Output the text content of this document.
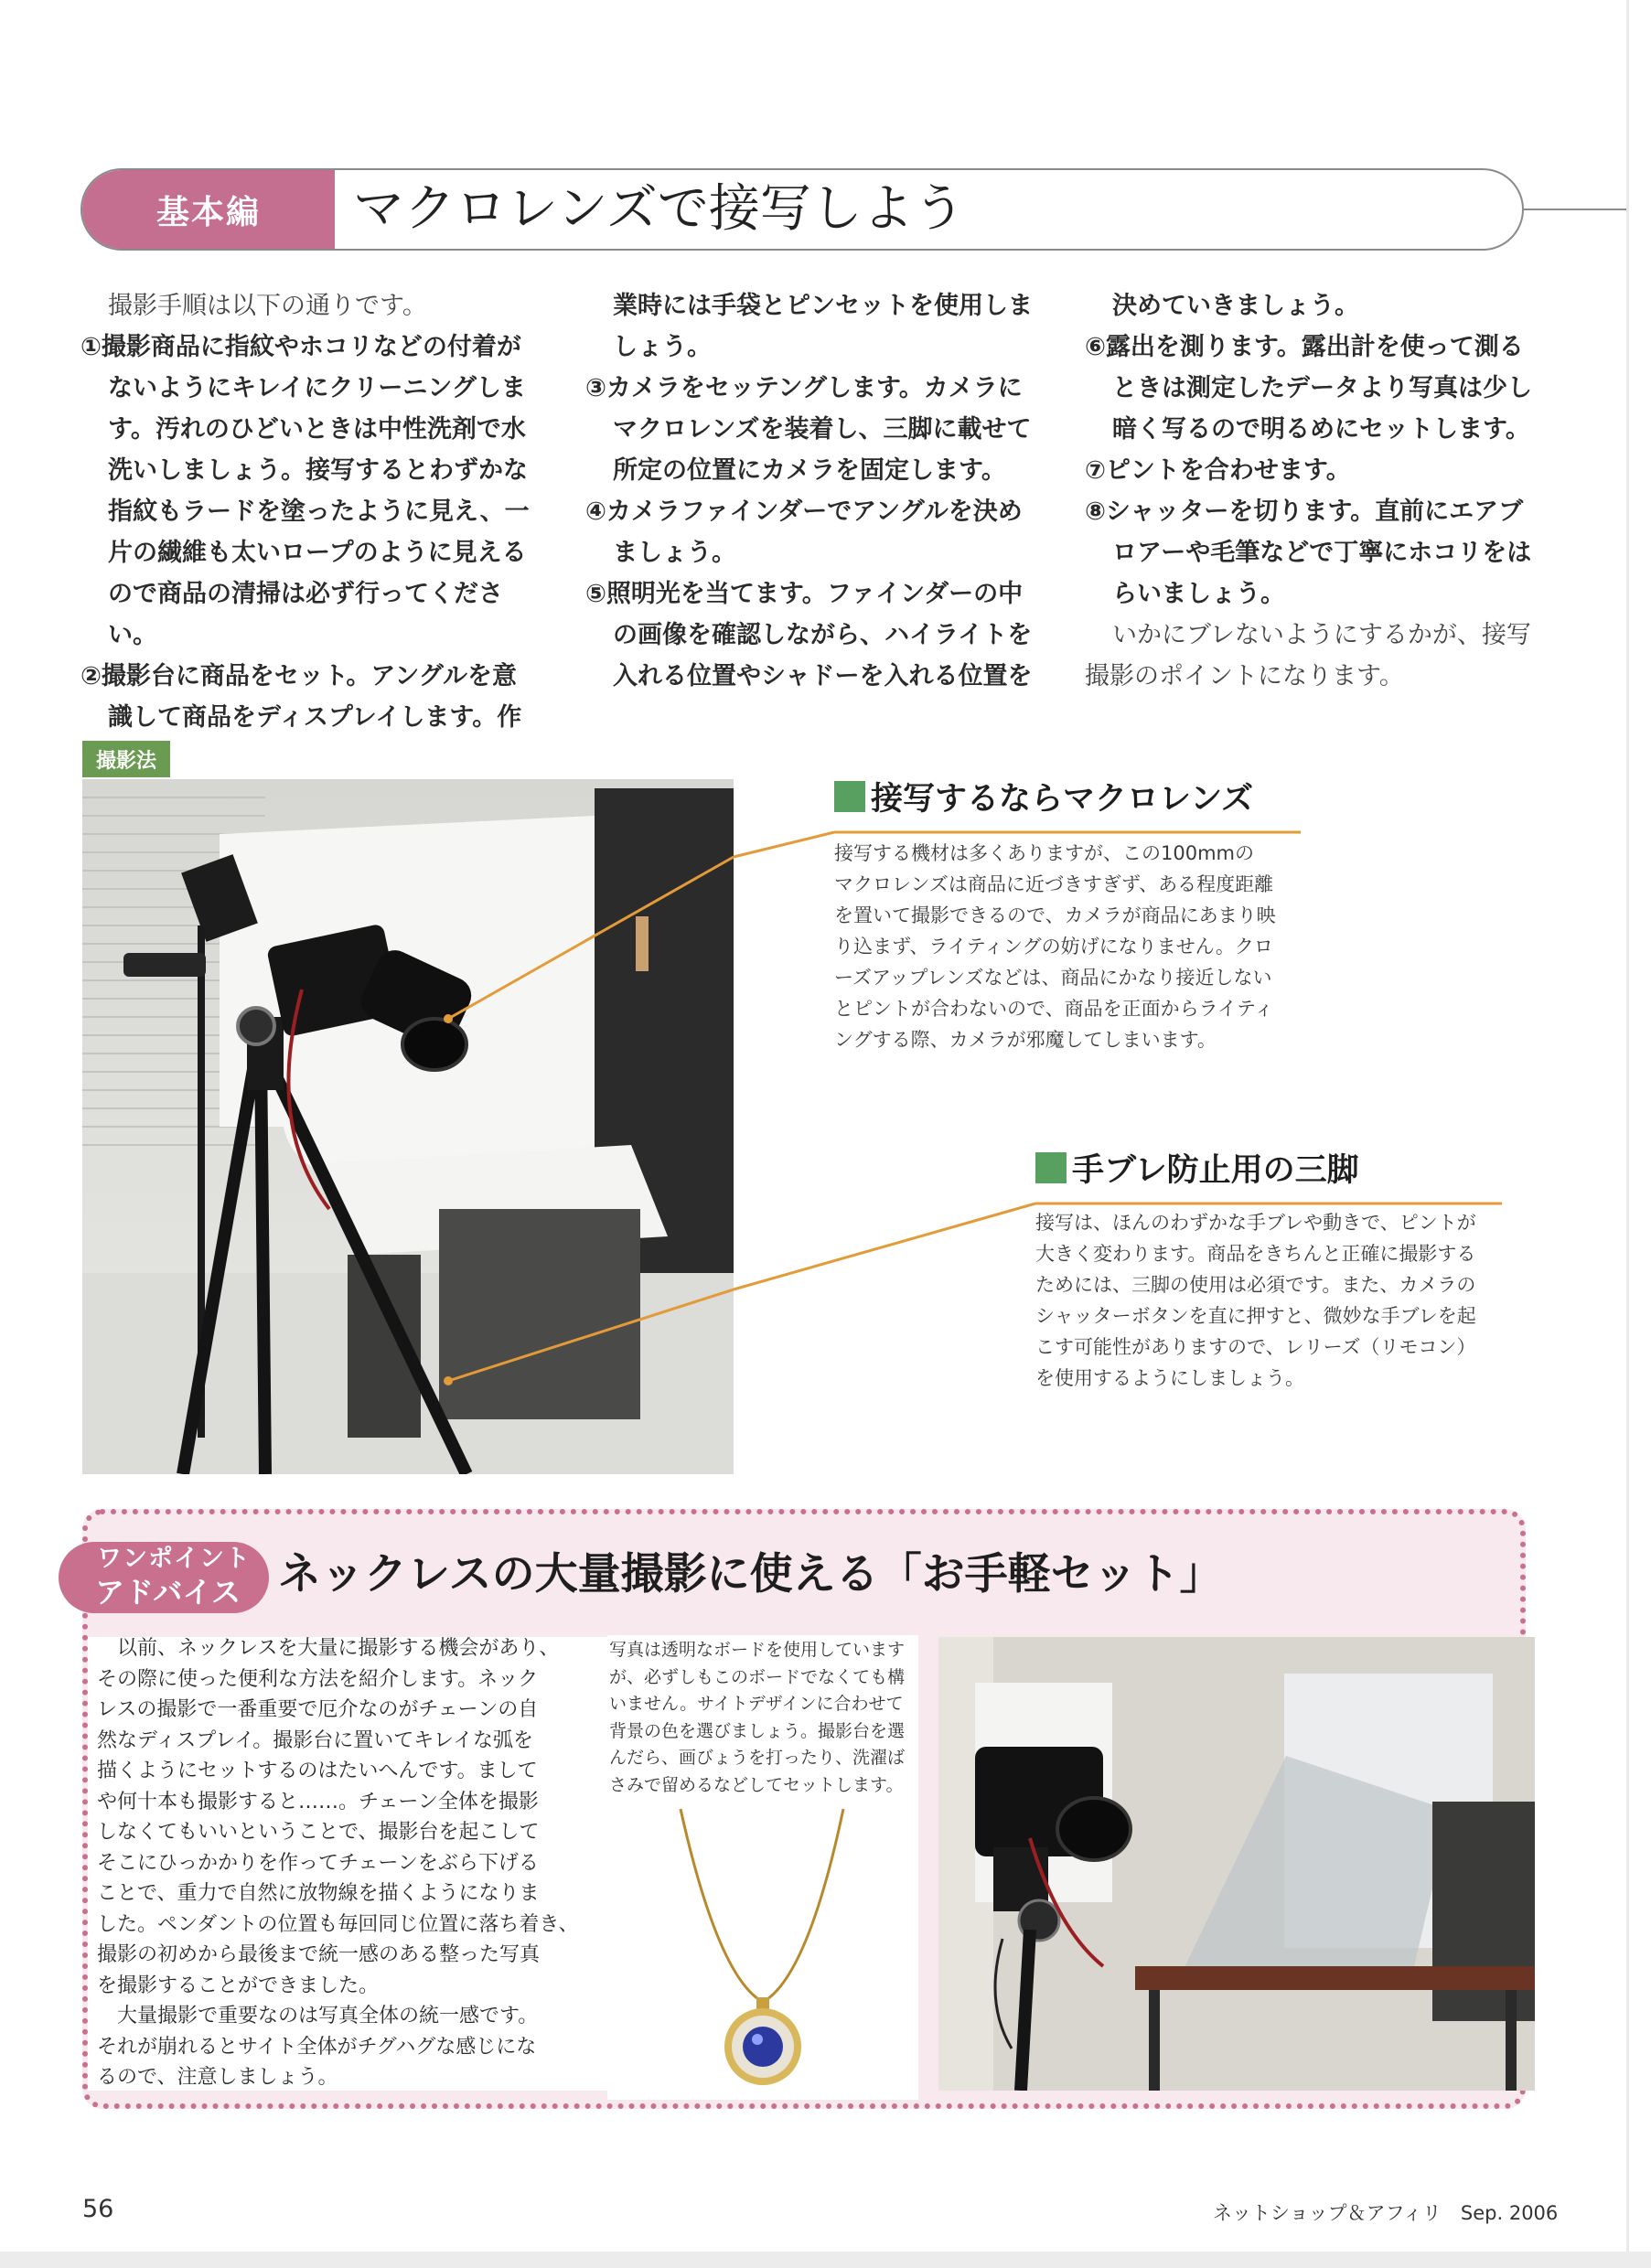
基本編	マクロレンズで接写しよう

撮影手順は以下の通りです。

①撮影商品に指紋やホコリなどの付着が

ないようにキレイにクリーニングしま

す。汚れのひどいときは中性洗剤で水

洗いしましょう。接写するとわずかな

指紋もラードを塗ったように見え、一

片の繊維も太いロープのように見える

ので商品の清掃は必ず行ってください。

②撮影台に商品をセット。アングルを意

識して商品をディスプレイします。作

業時には手袋とピンセットを使用しま

しょう。

③カメラをセッテングします。カメラに

マクロレンズを装着し、三脚に載せて

所定の位置にカメラを固定します。

④カメラファインダーでアングルを決め

ましょう。

⑤照明光を当てます。ファインダーの中

の画像を確認しながら、ハイライトを

入れる位置やシャドーを入れる位置を

決めていきましょう。

⑥露出を測ります。露出計を使って測る

ときは測定したデータより写真は少し

暗く写るので明るめにセットします。

⑦ピントを合わせます。

⑧シャッターを切ります。直前にエアブ

ロアーや毛筆などで丁寧にホコリをは

らいましょう。

いかにブレないようにするかが、接写

撮影のポイントになります。

撮影法
接写するならマクロレンズ

接写する機材は多くありますが、この100mmの

マクロレンズは商品に近づきすぎず、ある程度距離

を置いて撮影できるので、カメラが商品にあまり映

り込まず、ライティングの妨げになりません。クロ

ーズアップレンズなどは、商品にかなり接近しない

とピントが合わないので、商品を正面からライティ

ングする際、カメラが邪魔してしまいます。

手ブレ防止用の三脚

接写は、ほんのわずかな手ブレや動きで、ピントが

大きく変わります。商品をきちんと正確に撮影する

ためには、三脚の使用は必須です。また、カメラの

シャッターボタンを直に押すと、微妙な手ブレを起

こす可能性がありますので、レリーズ（リモコン）

を使用するようにしましょう。

ワンポイント
アドバイス ネックレスの大量撮影に使える「お手軽セット」

　以前、ネックレスを大量に撮影する機会があり、

その際に使った便利な方法を紹介します。ネック

レスの撮影で一番重要で厄介なのがチェーンの自

然なディスプレイ。撮影台に置いてキレイな弧を

描くようにセットするのはたいへんです。まして

や何十本も撮影すると……。チェーン全体を撮影

しなくてもいいということで、撮影台を起こして

そこにひっかかりを作ってチェーンをぶら下げる

ことで、重力で自然に放物線を描くようになりま

した。ペンダントの位置も毎回同じ位置に落ち着き、

撮影の初めから最後まで統一感のある整った写真

を撮影することができました。

　大量撮影で重要なのは写真全体の統一感です。

それが崩れるとサイト全体がチグハグな感じにな

るので、注意しましょう。

写真は透明なボードを使用しています

が、必ずしもこのボードでなくても構

いません。サイトデザインに合わせて

背景の色を選びましょう。撮影台を選

んだら、画びょうを打ったり、洗濯ば

さみで留めるなどしてセットします。

56	ネットショップ＆アフィリ　Sep. 2006
